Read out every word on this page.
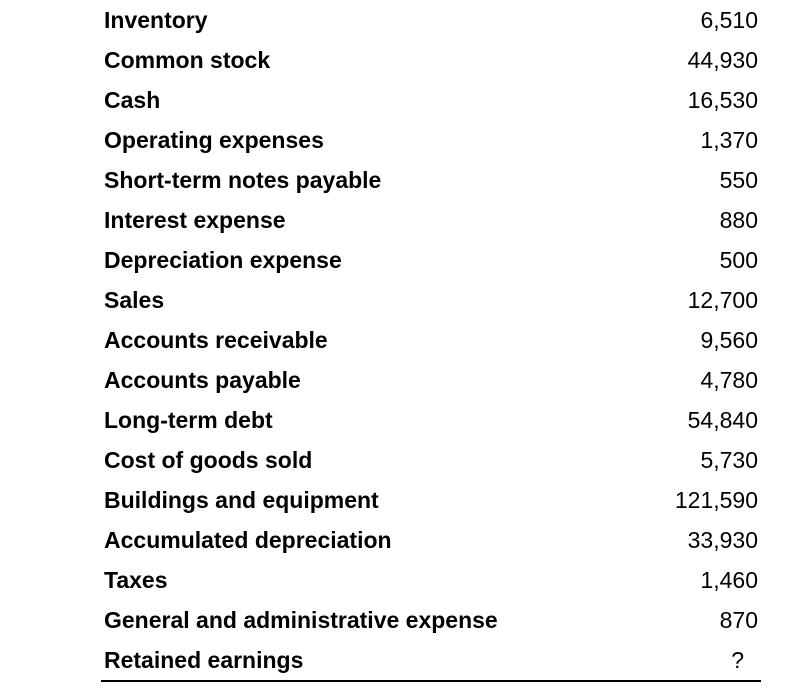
Inventory	6,510
Common stock	44,930
Cash	16,530
Operating expenses	1,370
Short-term notes payable	550
Interest expense	880
Depreciation expense	500
Sales	12,700
Accounts receivable	9,560
Accounts payable	4,780
Long-term debt	54,840
Cost of goods sold	5,730
Buildings and equipment	121,590
Accumulated depreciation	33,930
Taxes	1,460
General and administrative expense	870
Retained earnings	?
